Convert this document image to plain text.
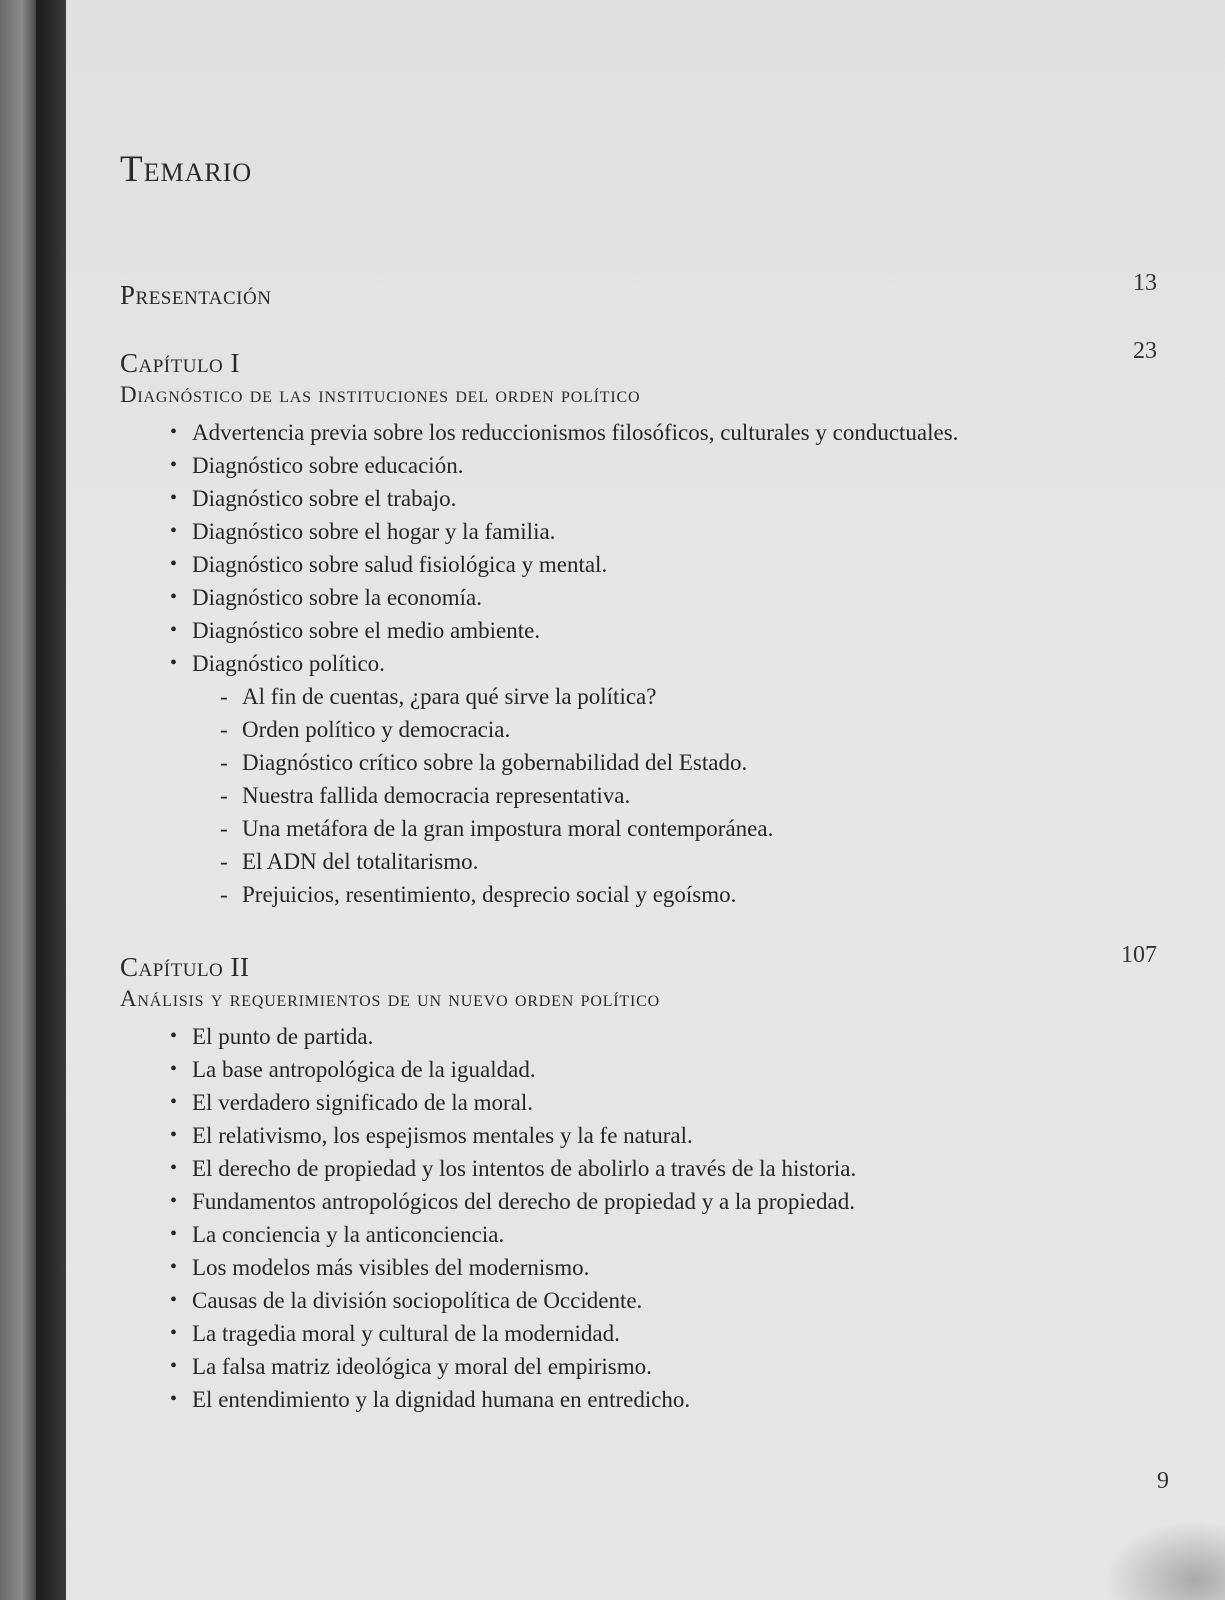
Temario
Presentación	13
Capítulo I
Diagnóstico de las instituciones del orden político
• Advertencia previa sobre los reduccionismos filosóficos, culturales y conductuales.
• Diagnóstico sobre educación.
• Diagnóstico sobre el trabajo.
• Diagnóstico sobre el hogar y la familia.
• Diagnóstico sobre salud fisiológica y mental.
• Diagnóstico sobre la economía.
• Diagnóstico sobre el medio ambiente.
• Diagnóstico político.
- Al fin de cuentas, ¿para qué sirve la política?
- Orden político y democracia.
- Diagnóstico crítico sobre la gobernabilidad del Estado.
- Nuestra fallida democracia representativa.
- Una metáfora de la gran impostura moral contemporánea.
- El ADN del totalitarismo.
- Prejuicios, resentimiento, desprecio social y egoísmo.
23
Capítulo II
Análisis y requerimientos de un nuevo orden político
• El punto de partida.
• La base antropológica de la igualdad.
• El verdadero significado de la moral.
• El relativismo, los espejismos mentales y la fe natural.
• El derecho de propiedad y los intentos de abolirlo a través de la historia.
• Fundamentos antropológicos del derecho de propiedad y a la propiedad.
• La conciencia y la anticonciencia.
• Los modelos más visibles del modernismo.
• Causas de la división sociopolítica de Occidente.
• La tragedia moral y cultural de la modernidad.
• La falsa matriz ideológica y moral del empirismo.
• El entendimiento y la dignidad humana en entredicho.
107
9
